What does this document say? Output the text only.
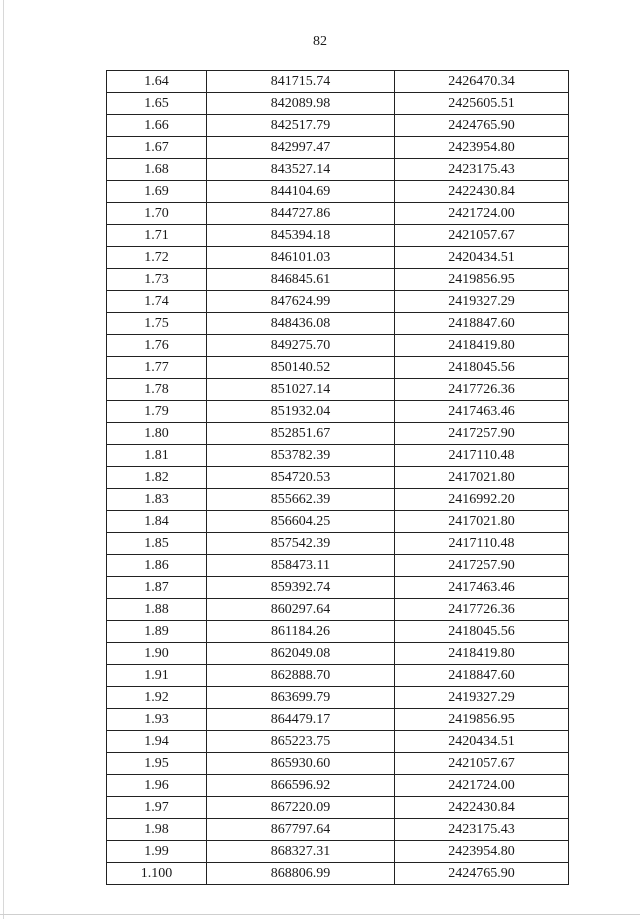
82
1.64	841715.74	2426470.34
1.65	842089.98	2425605.51
1.66	842517.79	2424765.90
1.67	842997.47	2423954.80
1.68	843527.14	2423175.43
1.69	844104.69	2422430.84
1.70	844727.86	2421724.00
1.71	845394.18	2421057.67
1.72	846101.03	2420434.51
1.73	846845.61	2419856.95
1.74	847624.99	2419327.29
1.75	848436.08	2418847.60
1.76	849275.70	2418419.80
1.77	850140.52	2418045.56
1.78	851027.14	2417726.36
1.79	851932.04	2417463.46
1.80	852851.67	2417257.90
1.81	853782.39	2417110.48
1.82	854720.53	2417021.80
1.83	855662.39	2416992.20
1.84	856604.25	2417021.80
1.85	857542.39	2417110.48
1.86	858473.11	2417257.90
1.87	859392.74	2417463.46
1.88	860297.64	2417726.36
1.89	861184.26	2418045.56
1.90	862049.08	2418419.80
1.91	862888.70	2418847.60
1.92	863699.79	2419327.29
1.93	864479.17	2419856.95
1.94	865223.75	2420434.51
1.95	865930.60	2421057.67
1.96	866596.92	2421724.00
1.97	867220.09	2422430.84
1.98	867797.64	2423175.43
1.99	868327.31	2423954.80
1.100	868806.99	2424765.90
